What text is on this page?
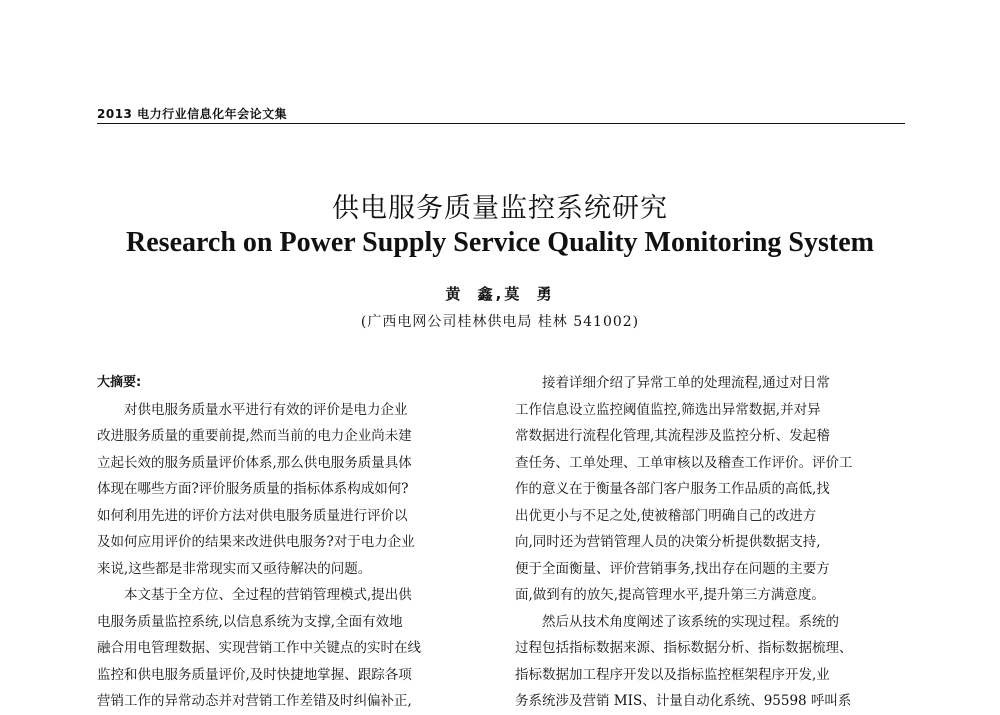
2013 电力行业信息化年会论文集
供电服务质量监控系统研究
Research on Power Supply Service Quality Monitoring System
黄 鑫,莫 勇
(广西电网公司桂林供电局 桂林 541002)
大摘要:
对供电服务质量水平进行有效的评价是电力企业
改进服务质量的重要前提,然而当前的电力企业尚未建
立起长效的服务质量评价体系,那么供电服务质量具体
体现在哪些方面?评价服务质量的指标体系构成如何?
如何利用先进的评价方法对供电服务质量进行评价以
及如何应用评价的结果来改进供电服务?对于电力企业
来说,这些都是非常现实而又亟待解决的问题。
本文基于全方位、全过程的营销管理模式,提出供
电服务质量监控系统,以信息系统为支撑,全面有效地
融合用电管理数据、实现营销工作中关键点的实时在线
监控和供电服务质量评价,及时快捷地掌握、跟踪各项
营销工作的异常动态并对营销工作差错及时纠偏补正,
接着详细介绍了异常工单的处理流程,通过对日常
工作信息设立监控阈值监控,筛选出异常数据,并对异
常数据进行流程化管理,其流程涉及监控分析、发起稽
查任务、工单处理、工单审核以及稽查工作评价。评价工
作的意义在于衡量各部门客户服务工作品质的高低,找
出优更小与不足之处,使被稽部门明确自己的改进方
向,同时还为营销管理人员的决策分析提供数据支持,
便于全面衡量、评价营销事务,找出存在问题的主要方
面,做到有的放矢,提高管理水平,提升第三方满意度。
然后从技术角度阐述了该系统的实现过程。系统的
过程包括指标数据来源、指标数据分析、指标数据梳理、
指标数据加工程序开发以及指标监控框架程序开发,业
务系统涉及营销 MIS、计量自动化系统、95598 呼叫系
